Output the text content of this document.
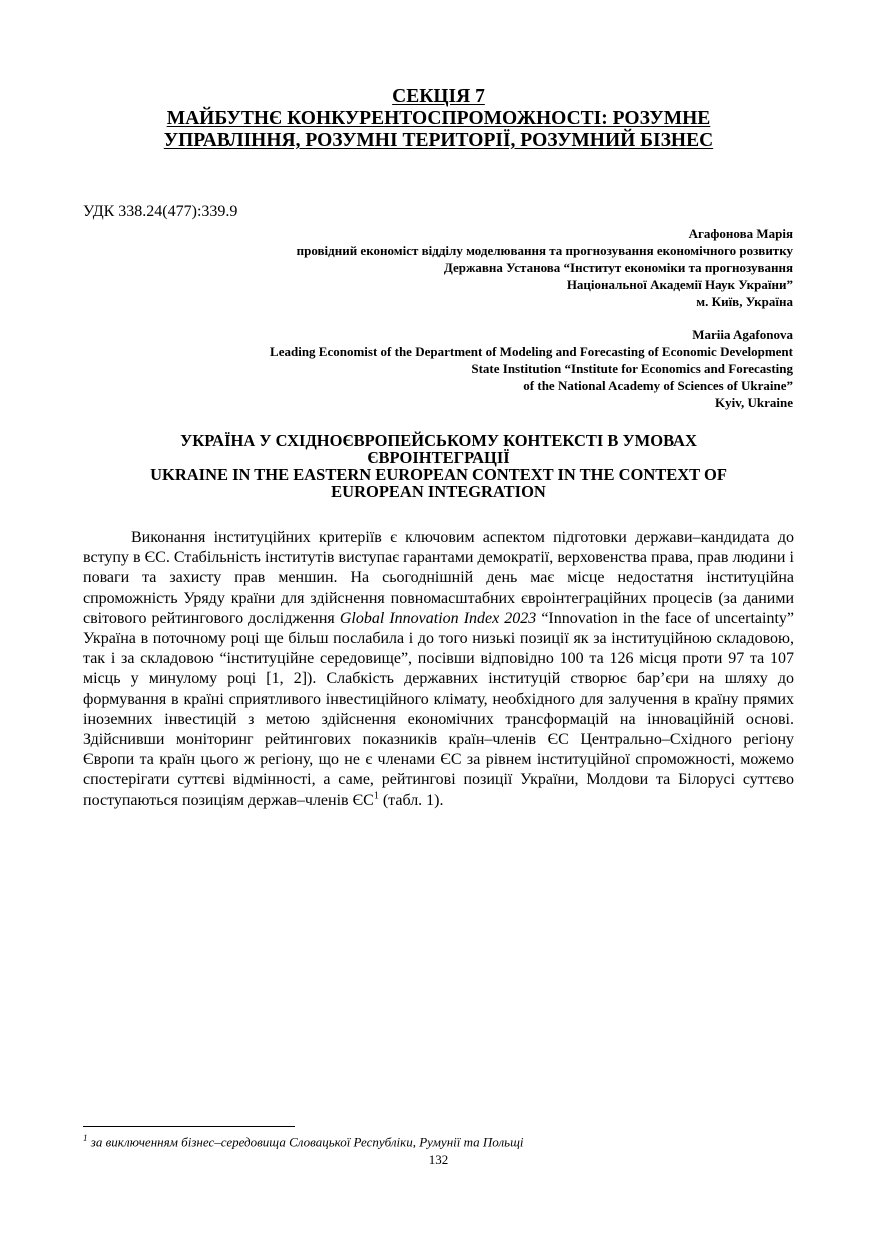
СЕКЦІЯ 7
МАЙБУТНЄ КОНКУРЕНТОСПРОМОЖНОСТІ: РОЗУМНЕ
УПРАВЛІННЯ, РОЗУМНІ ТЕРИТОРІЇ, РОЗУМНИЙ БІЗНЕС
УДК 338.24(477):339.9
Агафонова Марія
провідний економіст відділу моделювання та прогнозування економічного розвитку
Державна Установа “Інститут економіки та прогнозування
Національної Академії Наук України”
м. Київ, Україна
Mariia Agafonova
Leading Economist of the Department of Modeling and Forecasting of Economic Development
State Institution “Institute for Economics and Forecasting
of the National Academy of Sciences of Ukraine”
Kyiv, Ukraine
УКРАЇНА У СХІДНОЄВРОПЕЙСЬКОМУ КОНТЕКСТІ В УМОВАХ
ЄВРОІНТЕГРАЦІЇ
UKRAINE IN THE EASTERN EUROPEAN CONTEXT IN THE CONTEXT OF
EUROPEAN INTEGRATION
Виконання інституційних критеріїв є ключовим аспектом підготовки держави–кандидата до вступу в ЄС. Стабільність інститутів виступає гарантами демократії, верховенства права, прав людини і поваги та захисту прав меншин. На сьогоднішній день має місце недостатня інституційна спроможність Уряду країни для здійснення повномасштабних євроінтеграційних процесів (за даними світового рейтингового дослідження Global Innovation Index 2023 “Innovation in the face of uncertainty” Україна в поточному році ще більш послабила і до того низькі позиції як за інституційною складовою, так і за складовою “інституційне середовище”, посівши відповідно 100 та 126 місця проти 97 та 107 місць у минулому році [1, 2]). Слабкість державних інституцій створює бар’єри на шляху до формування в країні сприятливого інвестиційного клімату, необхідного для залучення в країну прямих іноземних інвестицій з метою здійснення економічних трансформацій на інноваційній основі. Здійснивши моніторинг рейтингових показників країн–членів ЄС Центрально–Східного регіону Європи та країн цього ж регіону, що не є членами ЄС за рівнем інституційної спроможності, можемо спостерігати суттєві відмінності, а саме, рейтингові позиції України, Молдови та Білорусі суттєво поступаються позиціям держав–членів $ЄС^1$ (табл. 1).
$^1$ за виключенням бізнес–середовища Словацької Республіки, Румунії та Польщі
132
